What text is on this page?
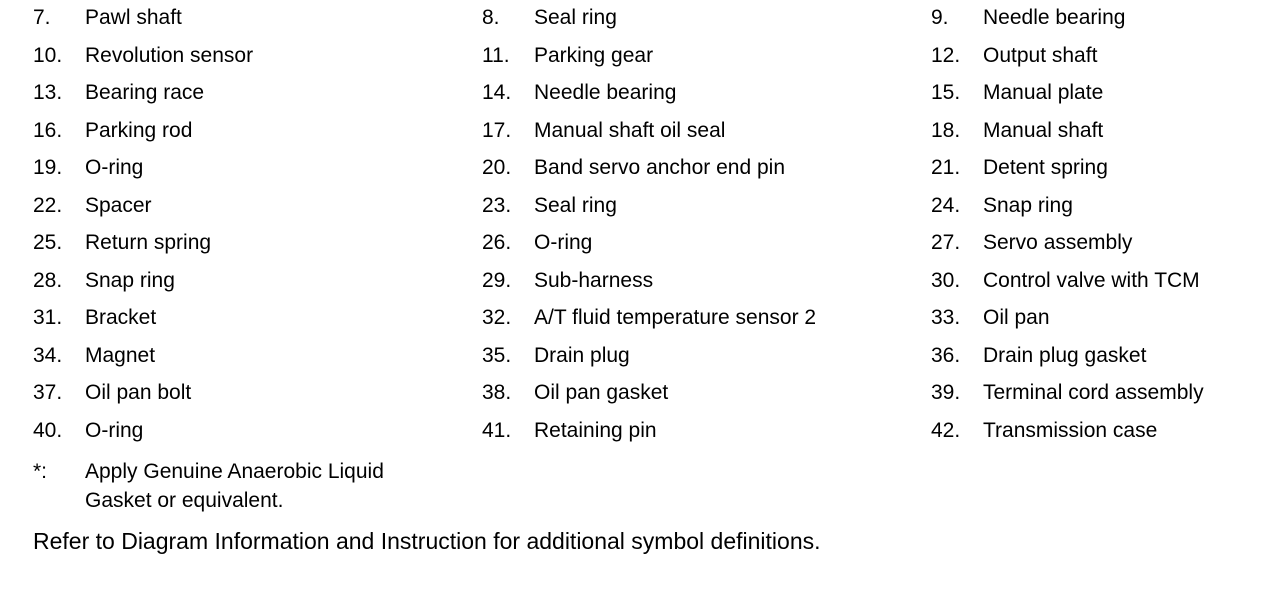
7. Pawl shaft	8. Seal ring	9. Needle bearing
10. Revolution sensor	11. Parking gear	12. Output shaft
13. Bearing race	14. Needle bearing	15. Manual plate
16. Parking rod	17. Manual shaft oil seal	18. Manual shaft
19. O-ring	20. Band servo anchor end pin	21. Detent spring
22. Spacer	23. Seal ring	24. Snap ring
25. Return spring	26. O-ring	27. Servo assembly
28. Snap ring	29. Sub-harness	30. Control valve with TCM
31. Bracket	32. A/T fluid temperature sensor 2	33. Oil pan
34. Magnet	35. Drain plug	36. Drain plug gasket
37. Oil pan bolt	38. Oil pan gasket	39. Terminal cord assembly
40. O-ring	41. Retaining pin	42. Transmission case
*: Apply Genuine Anaerobic Liquid Gasket or equivalent.
Refer to Diagram Information and Instruction for additional symbol definitions.
